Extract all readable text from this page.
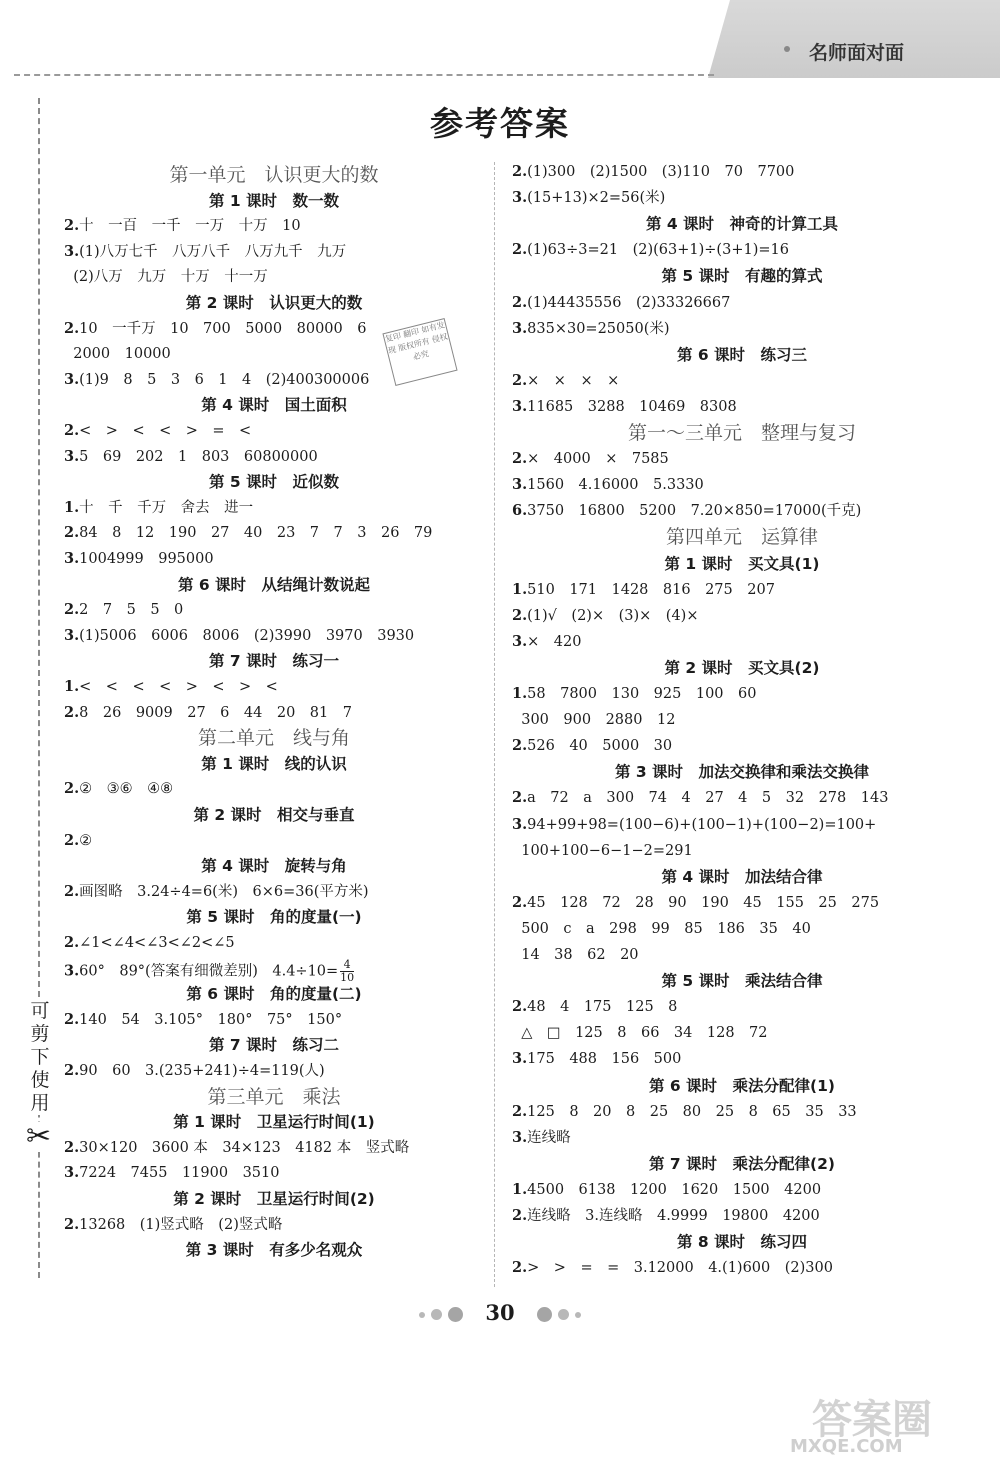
名师面对面
可剪下使用
✂
参考答案
复印 翻印 如有发现 版权所有 侵权必究
第一单元　认识更大的数
第 1 课时　数一数
2.十　一百　一千　一万　十万　10
3.(1)八万七千　八万八千　八万九千　九万
(2)八万　九万　十万　十一万
第 2 课时　认识更大的数
2.10　一千万　10　700　5000　80000　6
2000　10000
3.(1)9　8　5　3　6　1　4　(2)400300006
第 4 课时　国土面积
2.<　>　<　<　>　=　<
3.5　69　202　1　803　60800000
第 5 课时　近似数
1.十　千　千万　舍去　进一
2.84　8　12　190　27　40　23　7　7　3　26　79
3.1004999　995000
第 6 课时　从结绳计数说起
2.2　7　5　5　0
3.(1)5006　6006　8006　(2)3990　3970　3930
第 7 课时　练习一
1.<　<　<　<　>　<　>　<
2.8　26　9009　27　6　44　20　81　7
第二单元　线与角
第 1 课时　线的认识
2.②　③⑥　④⑧
第 2 课时　相交与垂直
2.②
第 4 课时　旋转与角
2.画图略　3.24÷4=6(米)　6×6=36(平方米)
第 5 课时　角的度量(一)
2.∠1<∠4<∠3<∠2<∠5
3.60°　89°(答案有细微差别)　$4.4\div 10= \frac{4}{10}$
第 6 课时　角的度量(二)
2.140　54　3.105°　180°　75°　150°
第 7 课时　练习二
2.90　60　3.(235+241)÷4=119(人)
第三单元　乘法
第 1 课时　卫星运行时间(1)
2.30×120　3600 本　34×123　4182 本　竖式略
3.7224　7455　11900　3510
第 2 课时　卫星运行时间(2)
2.13268　(1)竖式略　(2)竖式略
第 3 课时　有多少名观众
2.(1)300　(2)1500　(3)110　70　7700
3.(15+13)×2=56(米)
第 4 课时　神奇的计算工具
2.(1)63÷3=21　(2)(63+1)÷(3+1)=16
第 5 课时　有趣的算式
2.(1)44435556　(2)33326667
3.835×30=25050(米)
第 6 课时　练习三
2.×　×　×　×
3.11685　3288　10469　8308
第一～三单元　整理与复习
2.×　4000　×　7585
3.1560　4.16000　5.3330
6.3750　16800　5200　7.20×850=17000(千克)
第四单元　运算律
第 1 课时　买文具(1)
1.510　171　1428　816　275　207
2.(1)√　(2)×　(3)×　(4)×
3.×　420
第 2 课时　买文具(2)
1.58　7800　130　925　100　60
300　900　2880　12
2.526　40　5000　30
第 3 课时　加法交换律和乘法交换律
2.a　72　a　300　74　4　27　4　5　32　278　143
3.94+99+98=(100−6)+(100−1)+(100−2)=100+
100+100−6−1−2=291
第 4 课时　加法结合律
2.45　128　72　28　90　190　45　155　25　275
500　c　a　298　99　85　186　35　40
14　38　62　20
第 5 课时　乘法结合律
2.48　4　175　125　8
△　□　125　8　66　34　128　72
3.175　488　156　500
第 6 课时　乘法分配律(1)
2.125　8　20　8　25　80　25　8　65　35　33
3.连线略
第 7 课时　乘法分配律(2)
1.4500　6138　1200　1620　1500　4200
2.连线略　3.连线略　4.9999　19800　4200
第 8 课时　练习四
2.>　>　=　=　3.12000　4.(1)600　(2)300
30
答案圈
MXQE.COM
